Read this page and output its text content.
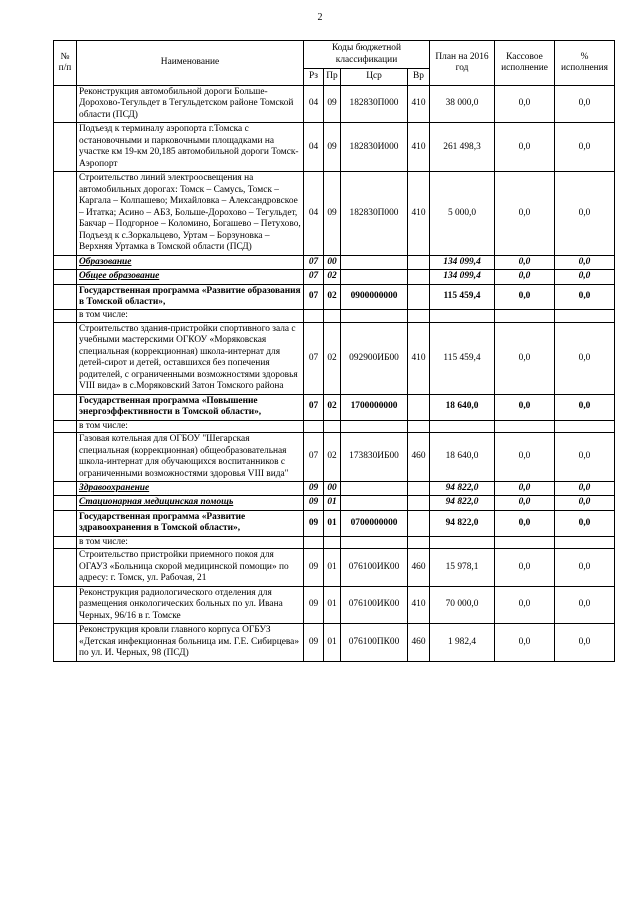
2
№ п/п	Наименование	Коды бюджетной классификации				План на 2016 год	Кассовое исполнение	% исполнения
		Рз	Пр	Цср	Вр			
	Реконструкция автомобильной дороги Больше-Дорохово-Тегульдет в Тегульдетском районе Томской области (ПСД)	04	09	182830П000	410	38 000,0	0,0	0,0
	Подъезд к терминалу аэропорта г.Томска с остановочными и парковочными площадками на участке км 19-км 20,185 автомобильной дороги Томск-Аэропорт	04	09	182830И000	410	261 498,3	0,0	0,0
	Строительство линий электроосвещения на автомобильных дорогах: Томск – Самусь, Томск – Каргала – Колпашево; Михайловка – Александровское – Итатка; Асино – АБЗ, Больше-Дорохово – Тегульдет, Бакчар – Подгорное – Коломино, Богашево – Петухово, Подъезд к с.Зоркальцево, Уртам – Борзуновка – Верхняя Уртамка в Томской области (ПСД)	04	09	182830П000	410	5 000,0	0,0	0,0
	Образование	07	00			134 099,4	0,0	0,0
	Общее образование	07	02			134 099,4	0,0	0,0
	Государственная программа «Развитие образования в Томской области»,	07	02	0900000000		115 459,4	0,0	0,0
	в том числе:							
	Строительство здания-пристройки спортивного зала с учебными мастерскими ОГКОУ «Моряковская специальная (коррекционная) школа-интернат для детей-сирот и детей, оставшихся без попечения родителей, с ограниченными возможностями здоровья VIII вида» в с.Моряковский Затон Томского района	07	02	092900ИБ00	410	115 459,4	0,0	0,0
	Государственная программа «Повышение энергоэффективности в Томской области»,	07	02	1700000000		18 640,0	0,0	0,0
	в том числе:							
	Газовая котельная для ОГБОУ "Шегарская специальная (коррекционная) общеобразовательная школа-интернат для обучающихся воспитанников с ограниченными возможностями здоровья VIII вида"	07	02	173830ИБ00	460	18 640,0	0,0	0,0
	Здравоохранение	09	00			94 822,0	0,0	0,0
	Стационарная медицинская помощь	09	01			94 822,0	0,0	0,0
	Государственная программа «Развитие здравоохранения в Томской области»,	09	01	0700000000		94 822,0	0,0	0,0
	в том числе:							
	Строительство пристройки приемного покоя для ОГАУЗ «Больница скорой медицинской помощи» по адресу: г. Томск, ул. Рабочая, 21	09	01	076100ИК00	460	15 978,1	0,0	0,0
	Реконструкция радиологического отделения для размещения онкологических больных по ул. Ивана Черных, 96/16 в г. Томске	09	01	076100ИК00	410	70 000,0	0,0	0,0
	Реконструкция кровли главного корпуса ОГБУЗ «Детская инфекционная больница им. Г.Е. Сибирцева» по ул. И. Черных, 98 (ПСД)	09	01	076100ПК00	460	1 982,4	0,0	0,0
